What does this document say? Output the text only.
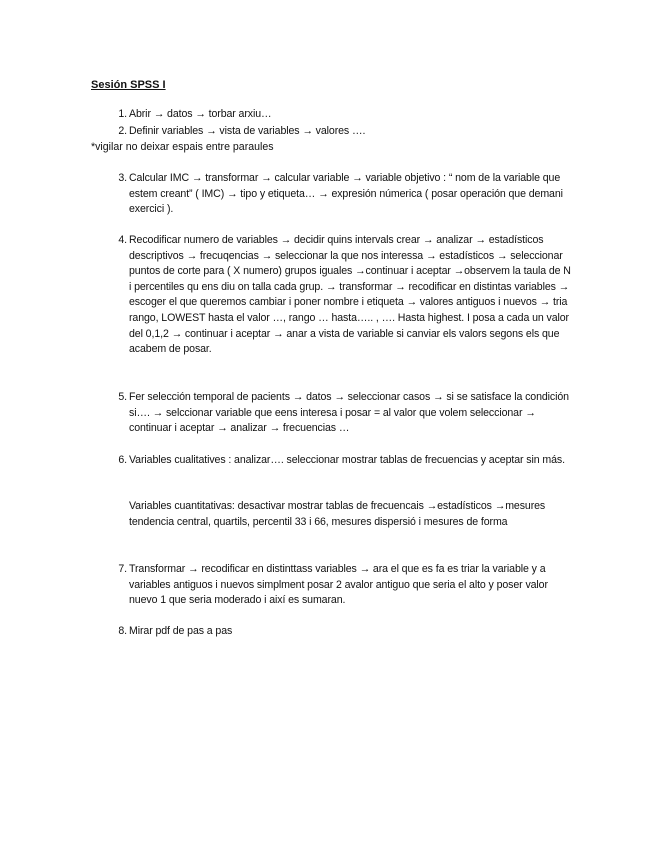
Sesión SPSS I
1. Abrir → datos → torbar arxiu…
2. Definir variables → vista de variables → valores ….
*vigilar no deixar espais entre paraules
3. Calcular IMC → transformar → calcular variable → variable objetivo : “ nom de la variable que estem creant” ( IMC) → tipo y etiqueta… → expresión númerica ( posar operación que demani exercici ).
4. Recodificar numero de variables → decidir quins intervals crear → analizar → estadísticos descriptivos → frecuqencias → seleccionar la que nos interessa → estadísticos → seleccionar puntos de corte para ( X numero) grupos iguales →continuar i aceptar →observem la taula de N i percentiles qu ens diu on talla cada grup. → transformar → recodificar en distintas variables → escoger el que queremos cambiar i poner nombre i etiqueta → valores antiguos i nuevos → tria rango, LOWEST hasta el valor …, rango … hasta….. , …. Hasta highest. I posa a cada un valor del 0,1,2 → continuar i aceptar → anar a vista de variable si canviar els valors segons els que acabem de posar.
5. Fer selección temporal de pacients → datos → seleccionar casos → si se satisface la condición si…. → selccionar variable que eens interesa i posar = al valor que volem seleccionar → continuar i aceptar → analizar → frecuencias …
6. Variables cualitatives : analizar…. seleccionar mostrar tablas de frecuencias y aceptar sin más.
Variables cuantitativas: desactivar mostrar tablas de frecuencais →estadísticos →mesures tendencia central, quartils, percentil 33 i 66, mesures dispersió i mesures de forma
7. Transformar → recodificar en distinttass variables → ara el que es fa es triar la variable y a variables antiguos i nuevos simplment posar 2 avalor antiguo que seria el alto y poser valor nuevo 1 que seria moderado i així es sumaran.
8. Mirar pdf de pas a pas
